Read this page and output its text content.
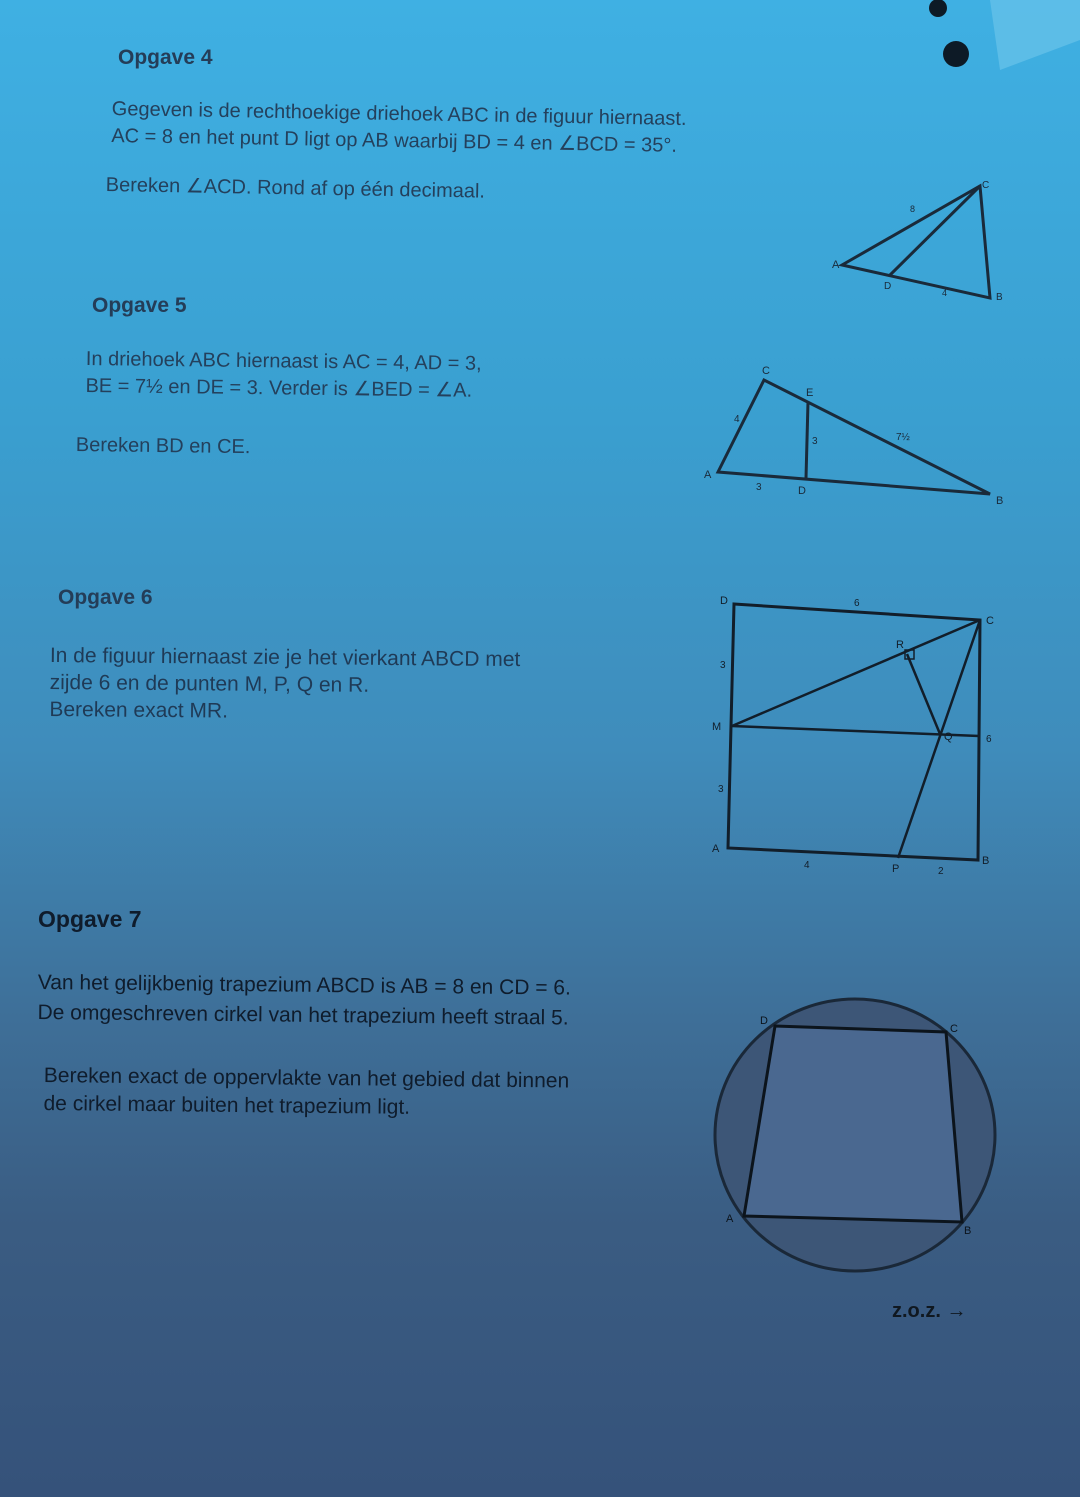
Opgave 4
Gegeven is de rechthoekige driehoek ABC in de figuur hiernaast.
AC = 8 en het punt D ligt op AB waarbij BD = 4 en ∠BCD = 35°.
Bereken ∠ACD. Rond af op één decimaal.
A
D
B
C
8
4
Opgave 5
In driehoek ABC hiernaast is AC = 4, AD = 3,
BE = 7½ en DE = 3. Verder is ∠BED = ∠A.
Bereken BD en CE.
A
C
E
D
B
4
3
3	7½
Opgave 6
In de figuur hiernaast zie je het vierkant ABCD met
zijde 6 en de punten M, P, Q en R.
Bereken exact MR.
D
C
A
B
M
P
Q
R
6
3
3
4
2
6
Opgave 7
Van het gelijkbenig trapezium ABCD is AB = 8 en CD = 6.
De omgeschreven cirkel van het trapezium heeft straal 5.
Bereken exact de oppervlakte van het gebied dat binnen
de cirkel maar buiten het trapezium ligt.
D
C
A
B
z.o.z. →
